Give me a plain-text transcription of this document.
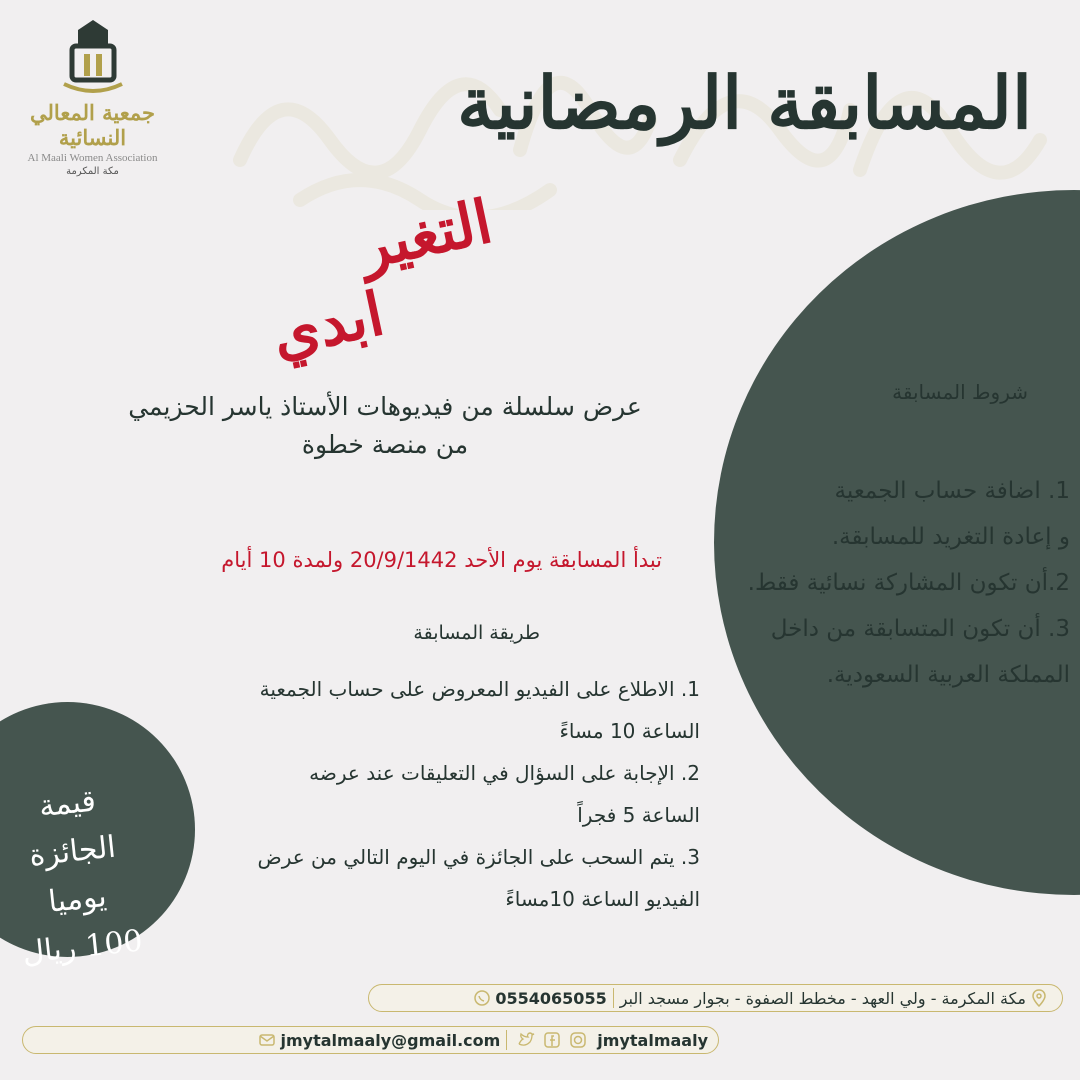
جمعية المعالي النسائية
Al Maali Women Association
مكة المكرمة
المسابقة الرمضانية
شروط المسابقة
1. اضافة حساب الجمعية
و إعادة التغريد للمسابقة.
2.أن تكون المشاركة نسائية فقط.
3. أن تكون المتسابقة من داخل
المملكة العربية السعودية.
التغير
ابدي
عرض سلسلة من فيديوهات الأستاذ ياسر الحزيمي
من منصة خطوة
تبدأ المسابقة يوم الأحد 20/9/1442 ولمدة 10 أيام
طريقة المسابقة
1. الاطلاع على الفيديو المعروض على حساب الجمعية
الساعة 10 مساءً
2. الإجابة على السؤال في التعليقات عند عرضه
الساعة 5 فجراً
3. يتم السحب على الجائزة في اليوم التالي من عرض
الفيديو الساعة 10مساءً
قيمة الجائزة
يوميا
100 ريال
مكة المكرمة - ولي العهد - مخطط الصفوة - بجوار مسجد البر
0554065055
jmytalmaaly
jmytalmaaly@gmail.com
